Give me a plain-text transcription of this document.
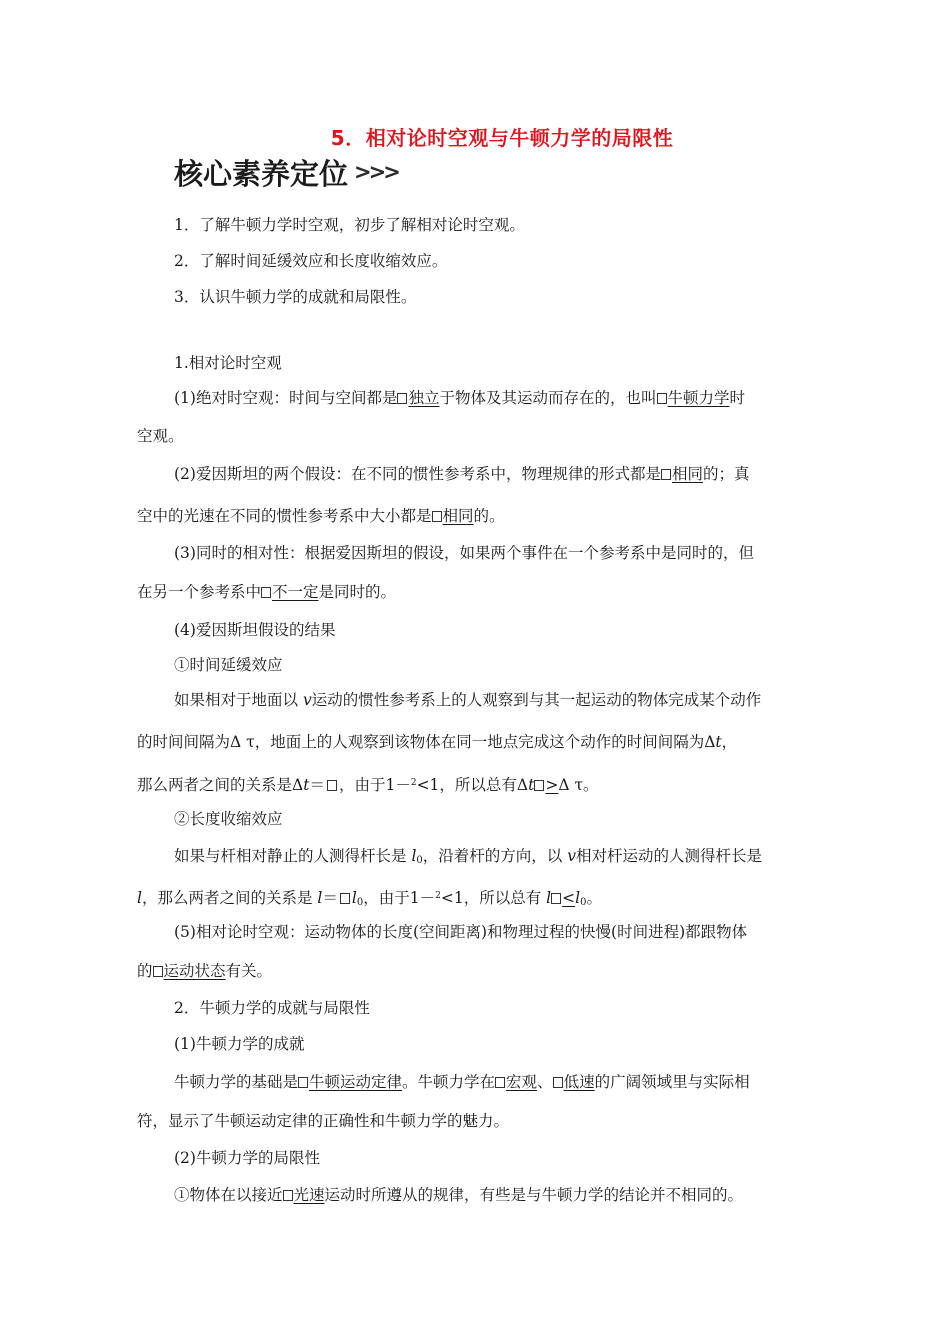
5．相对论时空观与牛顿力学的局限性
核心素养定位 >>>
1．了解牛顿力学时空观，初步了解相对论时空观。
2．了解时间延缓效应和长度收缩效应。
3．认识牛顿力学的成就和局限性。
1.相对论时空观
(1)绝对时空观：时间与空间都是 独立于物体及其运动而存在的，也叫 牛顿力学时
空观。
(2)爱因斯坦的两个假设：在不同的惯性参考系中，物理规律的形式都是 相同的；真
空中的光速在不同的惯性参考系中大小都是 相同的。
(3)同时的相对性：根据爱因斯坦的假设，如果两个事件在一个参考系中是同时的，但
在另一个参考系中 不一定是同时的。
(4)爱因斯坦假设的结果
①时间延缓效应
如果相对于地面以 v运动的惯性参考系上的人观察到与其一起运动的物体完成某个动作
的时间间隔为Δ τ，地面上的人观察到该物体在同一地点完成这个动作的时间间隔为Δt，
那么两者之间的关系是Δt＝ ，由于1－$^2$<1，所以总有Δt >Δ τ。
②长度收缩效应
如果与杆相对静止的人测得杆长是 $l_0$，沿着杆的方向，以 v相对杆运动的人测得杆长是
l，那么两者之间的关系是 $l= l_0$，由于1－$^2$<1，所以总有 $l <l_0$。
(5)相对论时空观：运动物体的长度(空间距离)和物理过程的快慢(时间进程)都跟物体
的 运动状态有关。
2．牛顿力学的成就与局限性
(1)牛顿力学的成就
牛顿力学的基础是 牛顿运动定律。牛顿力学在 宏观、 低速的广阔领域里与实际相
符，显示了牛顿运动定律的正确性和牛顿力学的魅力。
(2)牛顿力学的局限性
①物体在以接近 光速运动时所遵从的规律，有些是与牛顿力学的结论并不相同的。
